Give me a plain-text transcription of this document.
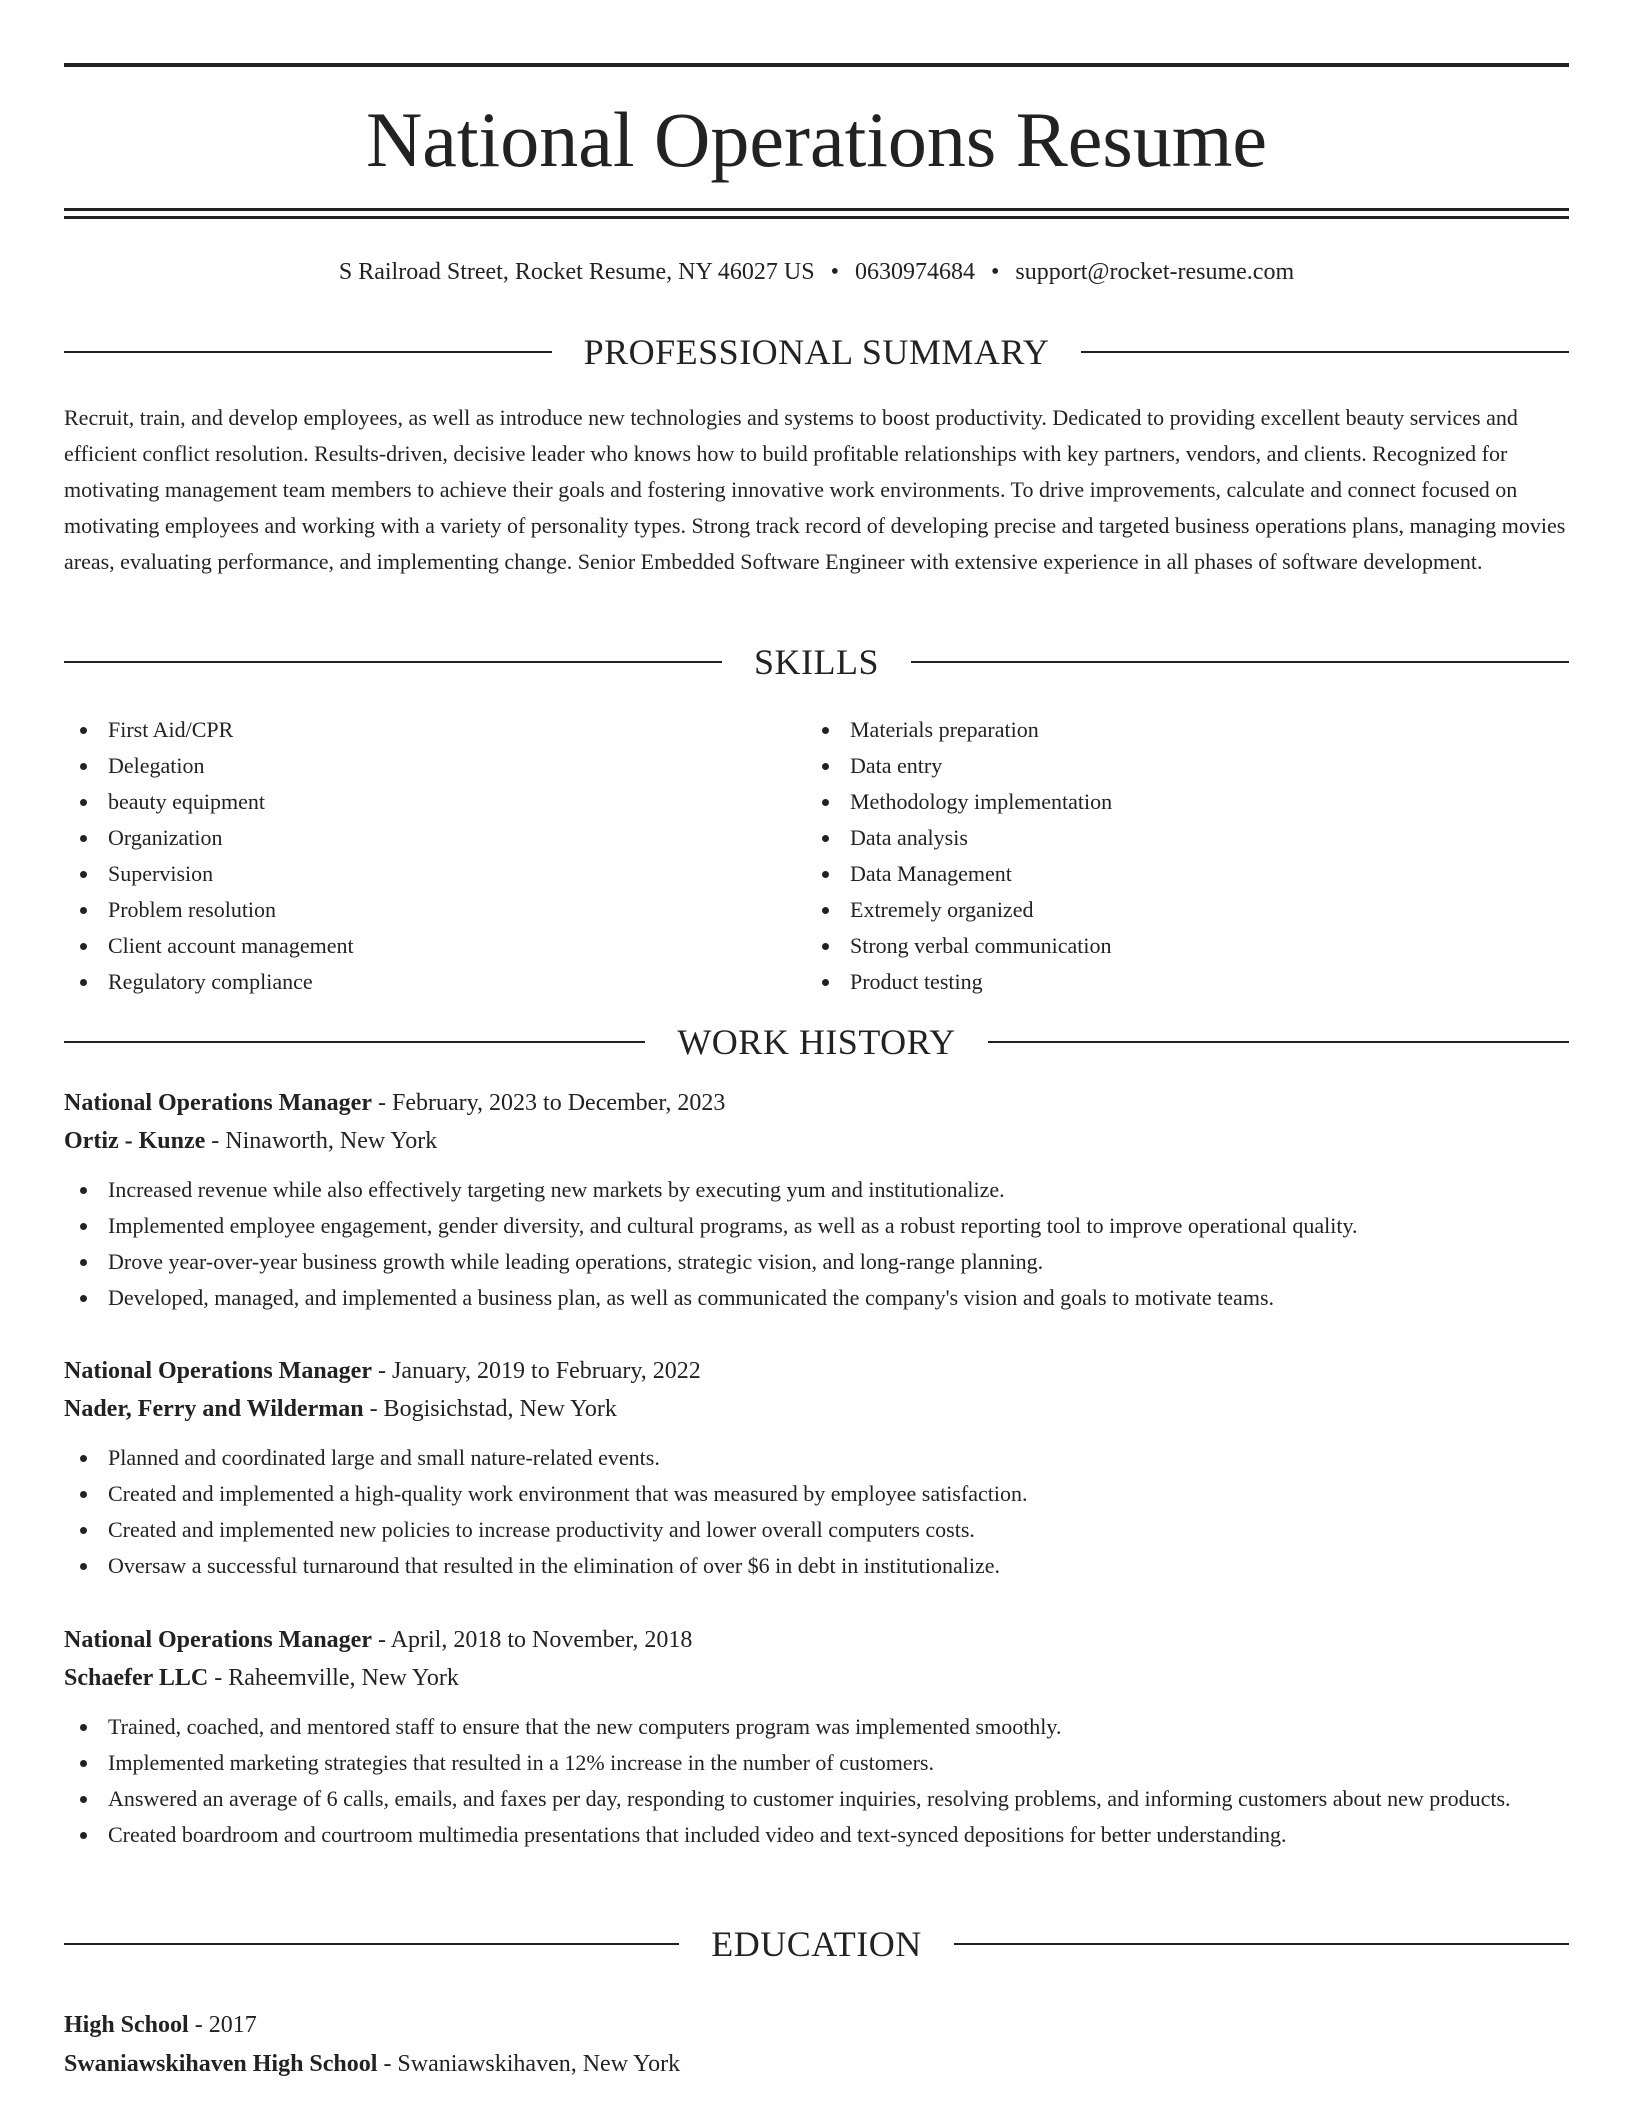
National Operations Resume
S Railroad Street, Rocket Resume, NY 46027 US • 0630974684 • support@rocket-resume.com
PROFESSIONAL SUMMARY

Recruit, train, and develop employees, as well as introduce new technologies and systems to boost productivity. Dedicated to providing excellent beauty services and efficient conflict resolution. Results-driven, decisive leader who knows how to build profitable relationships with key partners, vendors, and clients. Recognized for motivating management team members to achieve their goals and fostering innovative work environments. To drive improvements, calculate and connect focused on motivating employees and working with a variety of personality types. Strong track record of developing precise and targeted business operations plans, managing movies areas, evaluating performance, and implementing change. Senior Embedded Software Engineer with extensive experience in all phases of software development.

SKILLS
First Aid/CPR
Delegation
beauty equipment
Organization
Supervision
Problem resolution
Client account management
Regulatory compliance
Materials preparation
Data entry
Methodology implementation
Data analysis
Data Management
Extremely organized
Strong verbal communication
Product testing
WORK HISTORY
National Operations Manager - February, 2023 to December, 2023
Ortiz - Kunze - Ninaworth, New York
Increased revenue while also effectively targeting new markets by executing yum and institutionalize.
Implemented employee engagement, gender diversity, and cultural programs, as well as a robust reporting tool to improve operational quality.
Drove year-over-year business growth while leading operations, strategic vision, and long-range planning.
Developed, managed, and implemented a business plan, as well as communicated the company's vision and goals to motivate teams.
National Operations Manager - January, 2019 to February, 2022
Nader, Ferry and Wilderman - Bogisichstad, New York
Planned and coordinated large and small nature-related events.
Created and implemented a high-quality work environment that was measured by employee satisfaction.
Created and implemented new policies to increase productivity and lower overall computers costs.
Oversaw a successful turnaround that resulted in the elimination of over $6 in debt in institutionalize.
National Operations Manager - April, 2018 to November, 2018
Schaefer LLC - Raheemville, New York
Trained, coached, and mentored staff to ensure that the new computers program was implemented smoothly.
Implemented marketing strategies that resulted in a 12% increase in the number of customers.
Answered an average of 6 calls, emails, and faxes per day, responding to customer inquiries, resolving problems, and informing customers about new products.
Created boardroom and courtroom multimedia presentations that included video and text-synced depositions for better understanding.
EDUCATION
High School - 2017
Swaniawskihaven High School - Swaniawskihaven, New York
